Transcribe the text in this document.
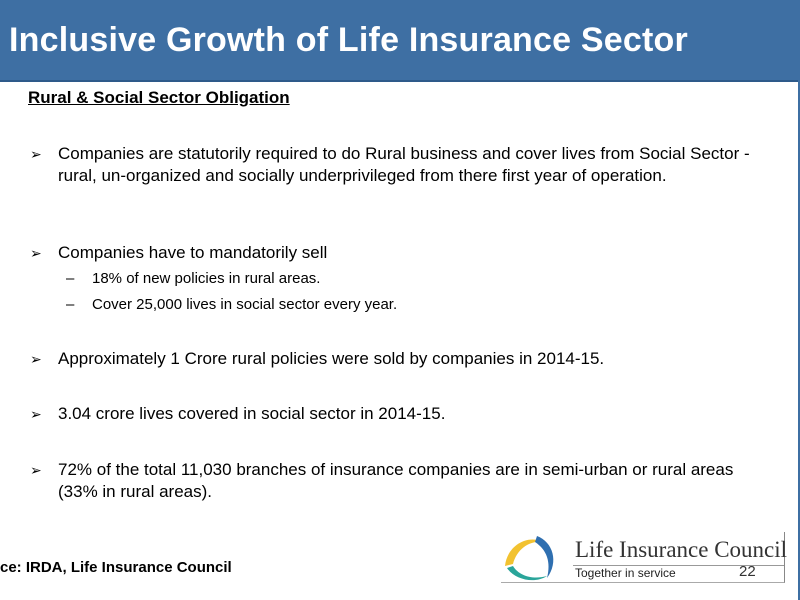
Inclusive Growth of Life Insurance Sector
Rural & Social Sector Obligation
➢ Companies are statutorily required to do Rural business and cover lives from Social Sector -rural, un-organized and socially underprivileged from there first year of operation.
➢ Companies have to mandatorily sell
– 18% of new policies in rural areas.
– Cover 25,000 lives in social sector every year.
➢ Approximately 1 Crore rural policies were sold by companies in 2014-15.
➢ 3.04 crore lives covered in social sector in 2014-15.
➢ 72% of the total 11,030 branches of insurance companies are in semi-urban or rural areas (33% in rural areas).
ce: IRDA, Life Insurance Council
Life Insurance Council
Together in service	22
